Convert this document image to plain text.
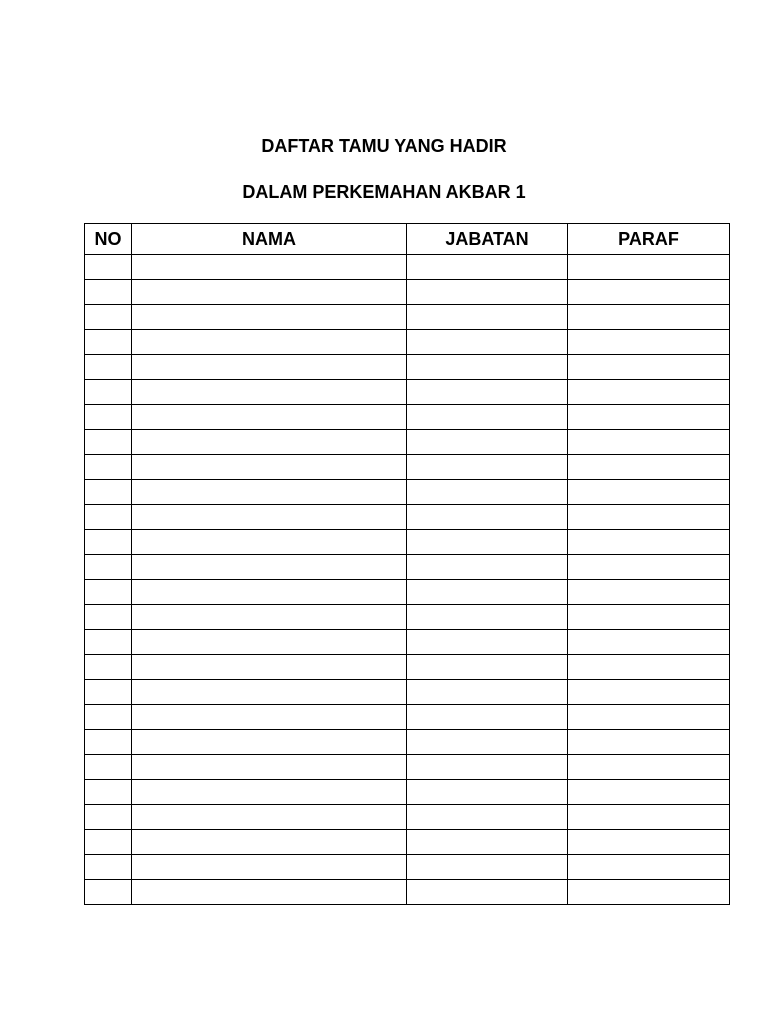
DAFTAR TAMU YANG HADIR
DALAM PERKEMAHAN AKBAR 1
NO	NAMA	JABATAN	PARAF
